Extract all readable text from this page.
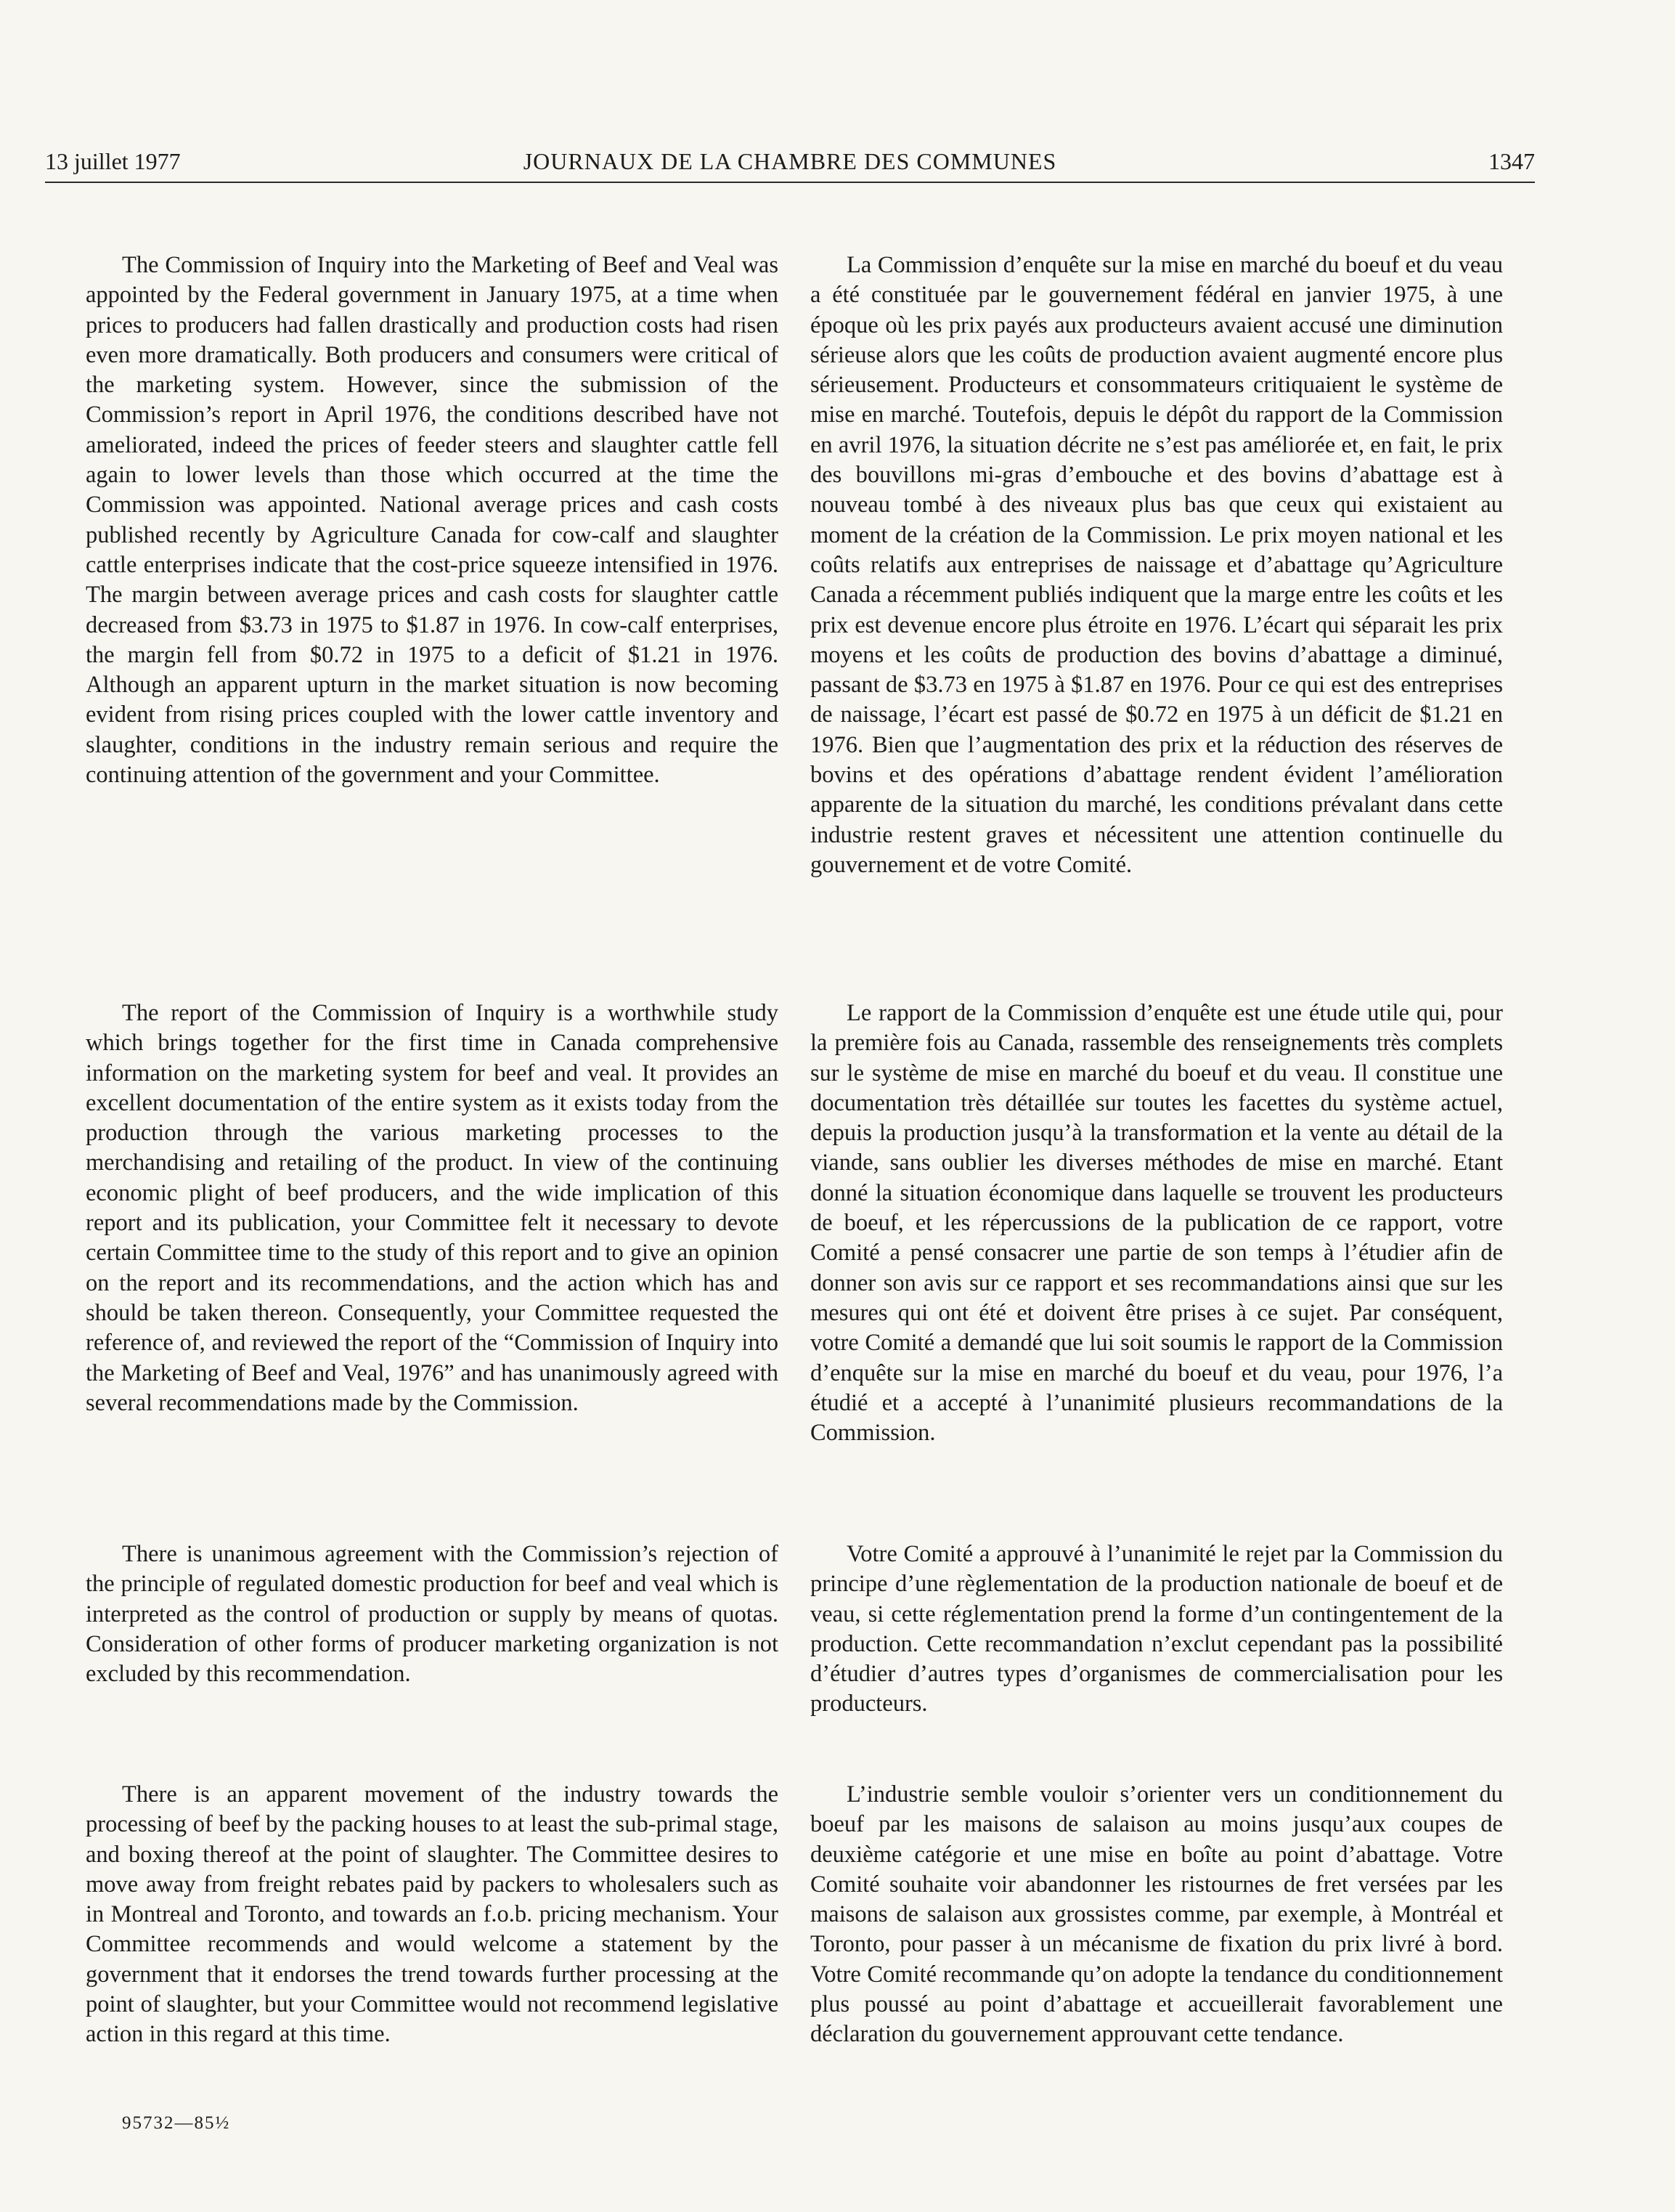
13 juillet 1977	JOURNAUX DE LA CHAMBRE DES COMMUNES	1347

The Commission of Inquiry into the Marketing of Beef and Veal was appointed by the Federal government in January 1975, at a time when prices to producers had fallen drastically and production costs had risen even more dramatically. Both producers and consumers were critical of the marketing system. However, since the submission of the Commission’s report in April 1976, the conditions described have not ameliorated, indeed the prices of feeder steers and slaughter cattle fell again to lower levels than those which occurred at the time the Commission was appointed. National average prices and cash costs published recently by Agriculture Canada for cow-calf and slaughter cattle enterprises indicate that the cost-price squeeze intensified in 1976. The margin between average prices and cash costs for slaughter cattle decreased from $3.73 in 1975 to $1.87 in 1976. In cow-calf enterprises, the margin fell from $0.72 in 1975 to a deficit of $1.21 in 1976. Although an apparent upturn in the market situation is now becoming evident from rising prices coupled with the lower cattle inventory and slaughter, conditions in the industry remain serious and require the continuing attention of the government and your Committee.

La Commission d’enquête sur la mise en marché du boeuf et du veau a été constituée par le gouvernement fédéral en janvier 1975, à une époque où les prix payés aux producteurs avaient accusé une diminution sérieuse alors que les coûts de production avaient augmenté encore plus sérieusement. Producteurs et consommateurs critiquaient le système de mise en marché. Toutefois, depuis le dépôt du rapport de la Commission en avril 1976, la situation décrite ne s’est pas améliorée et, en fait, le prix des bouvillons mi-gras d’embouche et des bovins d’abattage est à nouveau tombé à des niveaux plus bas que ceux qui existaient au moment de la création de la Commission. Le prix moyen national et les coûts relatifs aux entreprises de naissage et d’abattage qu’Agriculture Canada a récemment publiés indiquent que la marge entre les coûts et les prix est devenue encore plus étroite en 1976. L’écart qui séparait les prix moyens et les coûts de production des bovins d’abattage a diminué, passant de $3.73 en 1975 à $1.87 en 1976. Pour ce qui est des entreprises de naissage, l’écart est passé de $0.72 en 1975 à un déficit de $1.21 en 1976. Bien que l’augmentation des prix et la réduction des réserves de bovins et des opérations d’abattage rendent évident l’amélioration apparente de la situation du marché, les conditions prévalant dans cette industrie restent graves et nécessitent une attention continuelle du gouvernement et de votre Comité.

The report of the Commission of Inquiry is a worthwhile study which brings together for the first time in Canada comprehensive information on the marketing system for beef and veal. It provides an excellent documentation of the entire system as it exists today from the production through the various marketing processes to the merchandising and retailing of the product. In view of the continuing economic plight of beef producers, and the wide implication of this report and its publication, your Committee felt it necessary to devote certain Committee time to the study of this report and to give an opinion on the report and its recommendations, and the action which has and should be taken thereon. Consequently, your Committee requested the reference of, and reviewed the report of the “Commission of Inquiry into the Marketing of Beef and Veal, 1976” and has unanimously agreed with several recommendations made by the Commission.

Le rapport de la Commission d’enquête est une étude utile qui, pour la première fois au Canada, rassemble des renseignements très complets sur le système de mise en marché du boeuf et du veau. Il constitue une documentation très détaillée sur toutes les facettes du système actuel, depuis la production jusqu’à la transformation et la vente au détail de la viande, sans oublier les diverses méthodes de mise en marché. Etant donné la situation économique dans laquelle se trouvent les producteurs de boeuf, et les répercussions de la publication de ce rapport, votre Comité a pensé consacrer une partie de son temps à l’étudier afin de donner son avis sur ce rapport et ses recommandations ainsi que sur les mesures qui ont été et doivent être prises à ce sujet. Par conséquent, votre Comité a demandé que lui soit soumis le rapport de la Commission d’enquête sur la mise en marché du boeuf et du veau, pour 1976, l’a étudié et a accepté à l’unanimité plusieurs recommandations de la Commission.

There is unanimous agreement with the Commission’s rejection of the principle of regulated domestic production for beef and veal which is interpreted as the control of production or supply by means of quotas. Consideration of other forms of producer marketing organization is not excluded by this recommendation.

Votre Comité a approuvé à l’unanimité le rejet par la Commission du principe d’une règlementation de la production nationale de boeuf et de veau, si cette réglementation prend la forme d’un contingentement de la production. Cette recommandation n’exclut cependant pas la possibilité d’étudier d’autres types d’organismes de commercialisation pour les producteurs.

There is an apparent movement of the industry towards the processing of beef by the packing houses to at least the sub-primal stage, and boxing thereof at the point of slaughter. The Committee desires to move away from freight rebates paid by packers to wholesalers such as in Montreal and Toronto, and towards an f.o.b. pricing mechanism. Your Committee recommends and would welcome a statement by the government that it endorses the trend towards further processing at the point of slaughter, but your Committee would not recommend legislative action in this regard at this time.

L’industrie semble vouloir s’orienter vers un conditionnement du boeuf par les maisons de salaison au moins jusqu’aux coupes de deuxième catégorie et une mise en boîte au point d’abattage. Votre Comité souhaite voir abandonner les ristournes de fret versées par les maisons de salaison aux grossistes comme, par exemple, à Montréal et Toronto, pour passer à un mécanisme de fixation du prix livré à bord. Votre Comité recommande qu’on adopte la tendance du conditionnement plus poussé au point d’abattage et accueillerait favorablement une déclaration du gouvernement approuvant cette tendance.

95732—85½
